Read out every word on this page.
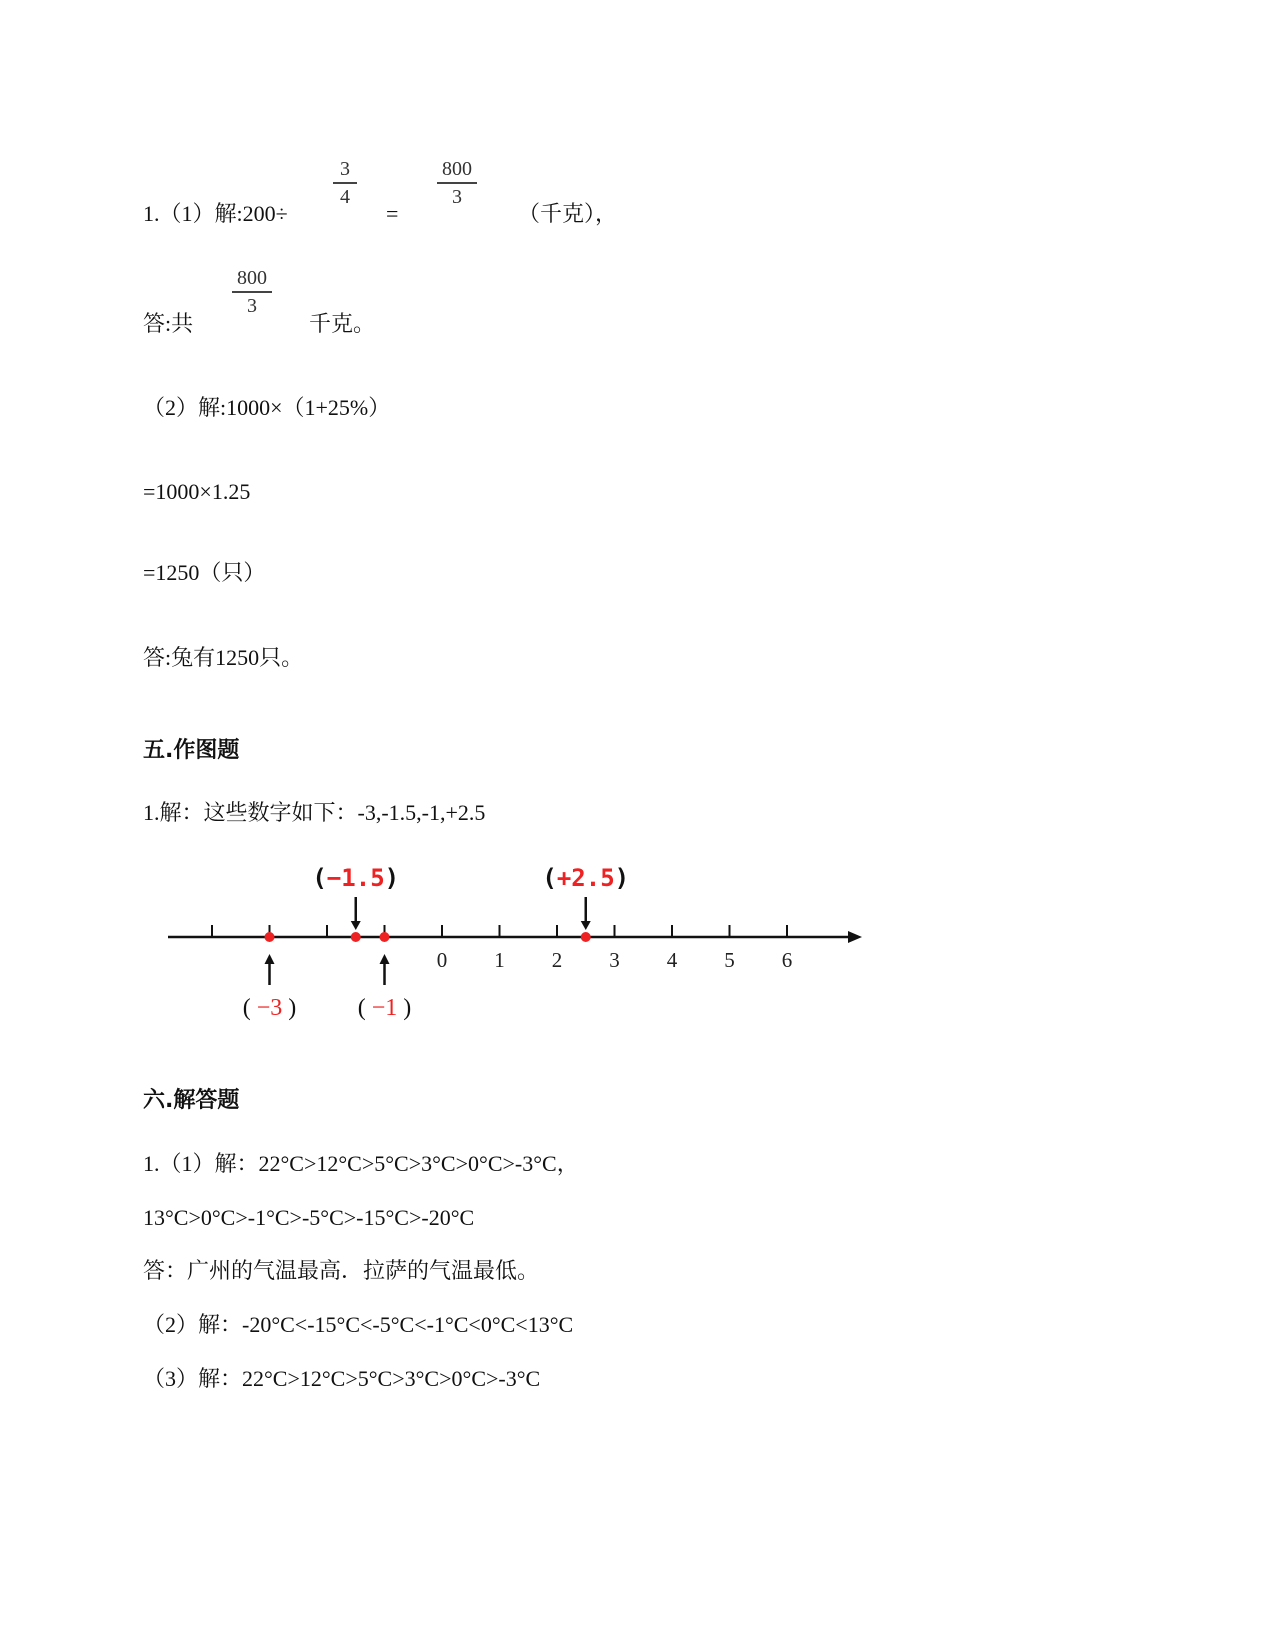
1.（1）解:200÷
3
4
=
800
3
（千克），
答:共
800
3
千克。
（2）解:1000×（1+25%）
=1000×1.25
=1250（只）
答:兔有1250只。
五.作图题
1.解：这些数字如下：-3,-1.5,-1,+2.5
0 1 2 3 4 5 6
( −3 )
(−1.5)
( −1 )
(+2.5)
六.解答题
1.（1）解：22°C>12°C>5°C>3°C>0°C>-3°C，
13°C>0°C>-1°C>-5°C>-15°C>-20°C
答：广州的气温最高．拉萨的气温最低。
（2）解：-20°C<-15°C<-5°C<-1°C<0°C<13°C
（3）解：22°C>12°C>5°C>3°C>0°C>-3°C
